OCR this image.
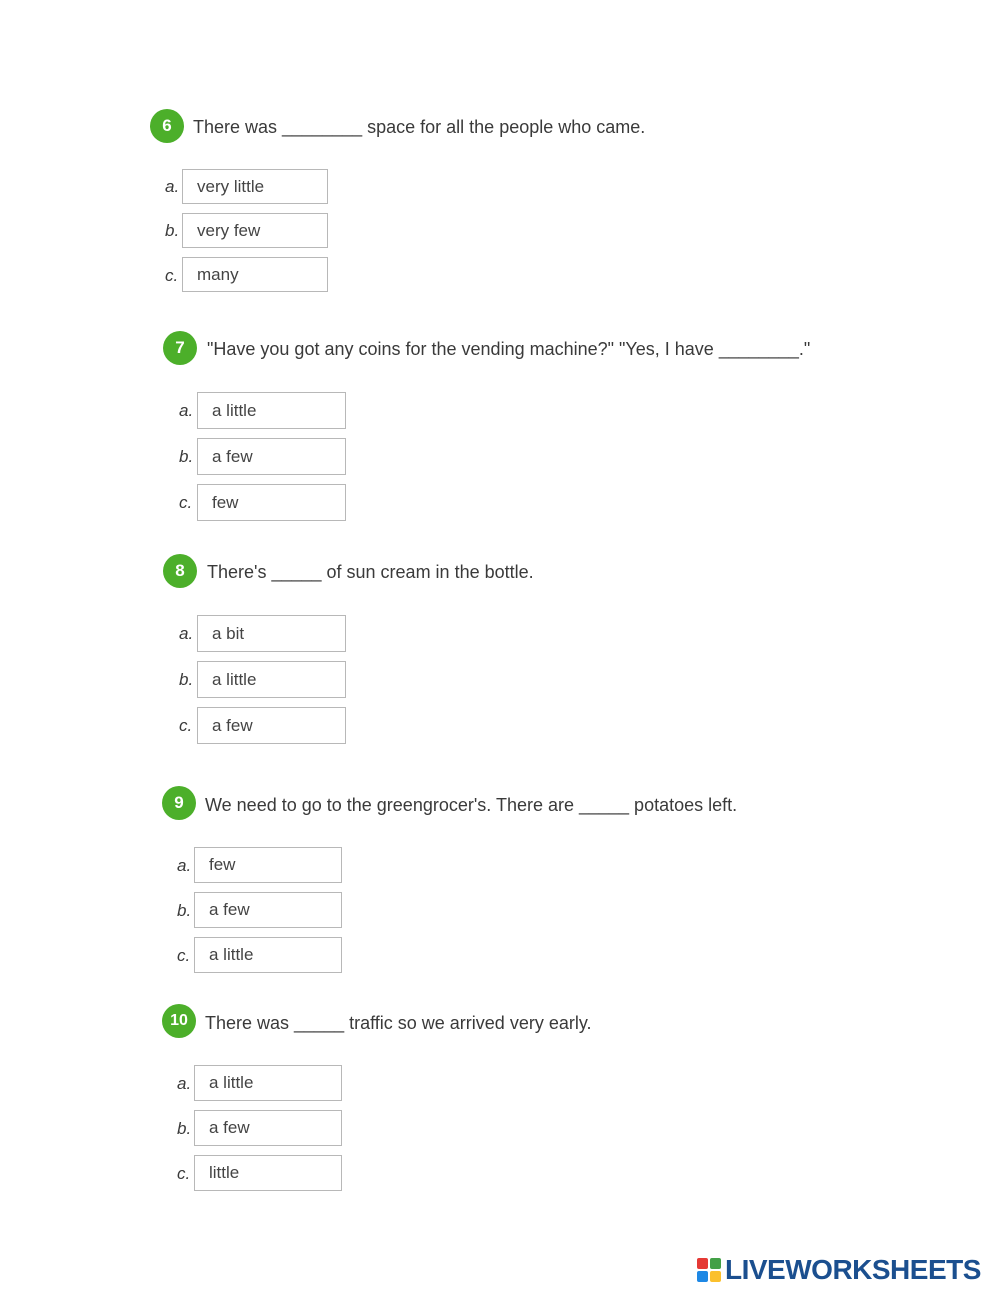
6	There was ________ space for all the people who came.
a.	very little
b.	very few
c.	many
7	"Have you got any coins for the vending machine?" "Yes, I have ________."
a.	a little
b.	a few
c.	few
8	There's _____ of sun cream in the bottle.
a.	a bit
b.	a little
c.	a few
9	We need to go to the greengrocer's. There are _____ potatoes left.
a.	few
b.	a few
c.	a little
10 There was _____ traffic so we arrived very early.
a.	a little
b.	a few
c.	little
LIVEWORKSHEETS
